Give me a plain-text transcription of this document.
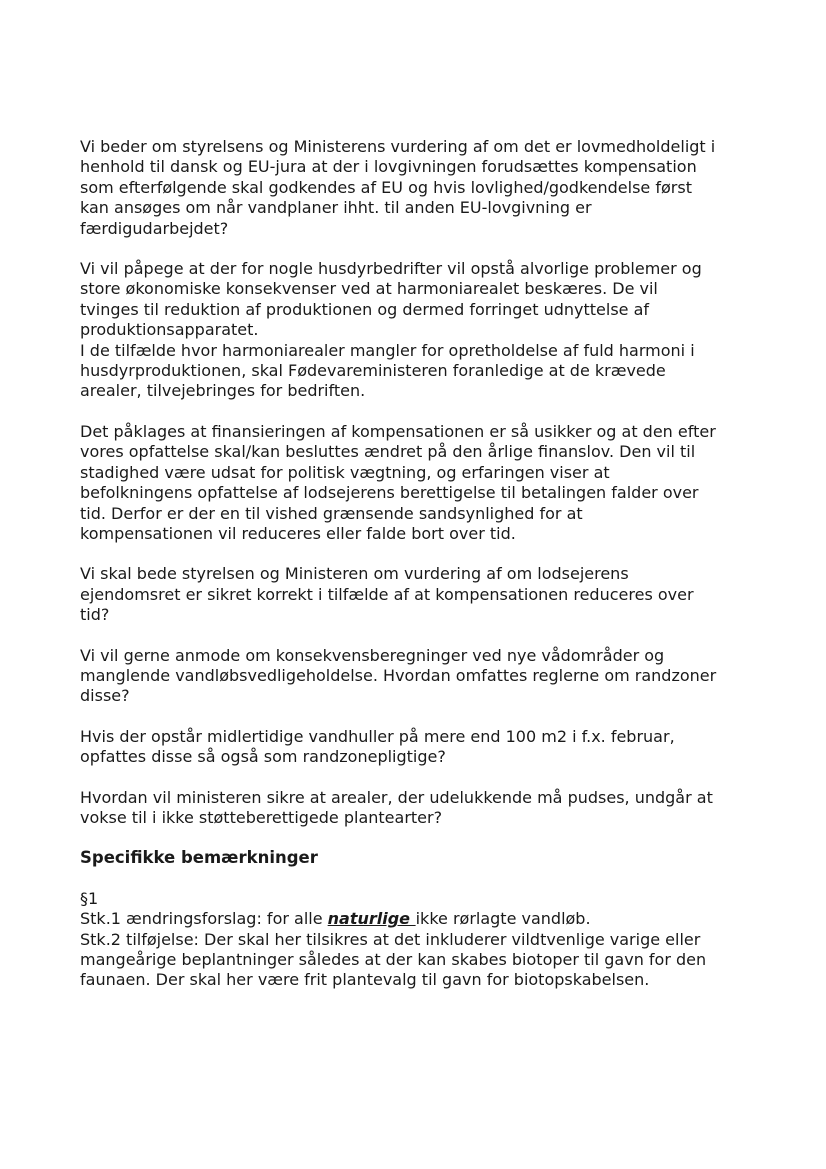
Vi beder om styrelsens og Ministerens vurdering af om det er lovmedholdeligt i
henhold til dansk og EU-jura at der i lovgivningen forudsættes kompensation
som efterfølgende skal godkendes af EU og hvis lovlighed/godkendelse først
kan ansøges om når vandplaner ihht. til anden EU-lovgivning er
færdigudarbejdet?
Vi vil påpege at der for nogle husdyrbedrifter vil opstå alvorlige problemer og
store økonomiske konsekvenser ved at harmoniarealet beskæres. De vil
tvinges til reduktion af produktionen og dermed forringet udnyttelse af
produktionsapparatet.
I de tilfælde hvor harmoniarealer mangler for opretholdelse af fuld harmoni i
husdyrproduktionen, skal Fødevareministeren foranledige at de krævede
arealer, tilvejebringes for bedriften.
Det påklages at finansieringen af kompensationen er så usikker og at den efter
vores opfattelse skal/kan besluttes ændret på den årlige finanslov. Den vil til
stadighed være udsat for politisk vægtning, og erfaringen viser at
befolkningens opfattelse af lodsejerens berettigelse til betalingen falder over
tid. Derfor er der en til vished grænsende sandsynlighed for at
kompensationen vil reduceres eller falde bort over tid.
Vi skal bede styrelsen og Ministeren om vurdering af om lodsejerens
ejendomsret er sikret korrekt i tilfælde af at kompensationen reduceres over
tid?
Vi vil gerne anmode om konsekvensberegninger ved nye vådområder og
manglende vandløbsvedligeholdelse. Hvordan omfattes reglerne om randzoner
disse?
Hvis der opstår midlertidige vandhuller på mere end 100 m2 i f.x. februar,
opfattes disse så også som randzonepligtige?
Hvordan vil ministeren sikre at arealer, der udelukkende må pudses, undgår at
vokse til i ikke støtteberettigede plantearter?
Specifikke bemærkninger
§1
Stk.1 ændringsforslag: for alle naturlige ikke rørlagte vandløb.
Stk.2 tilføjelse: Der skal her tilsikres at det inkluderer vildtvenlige varige eller
mangeårige beplantninger således at der kan skabes biotoper til gavn for den
faunaen. Der skal her være frit plantevalg til gavn for biotopskabelsen.
